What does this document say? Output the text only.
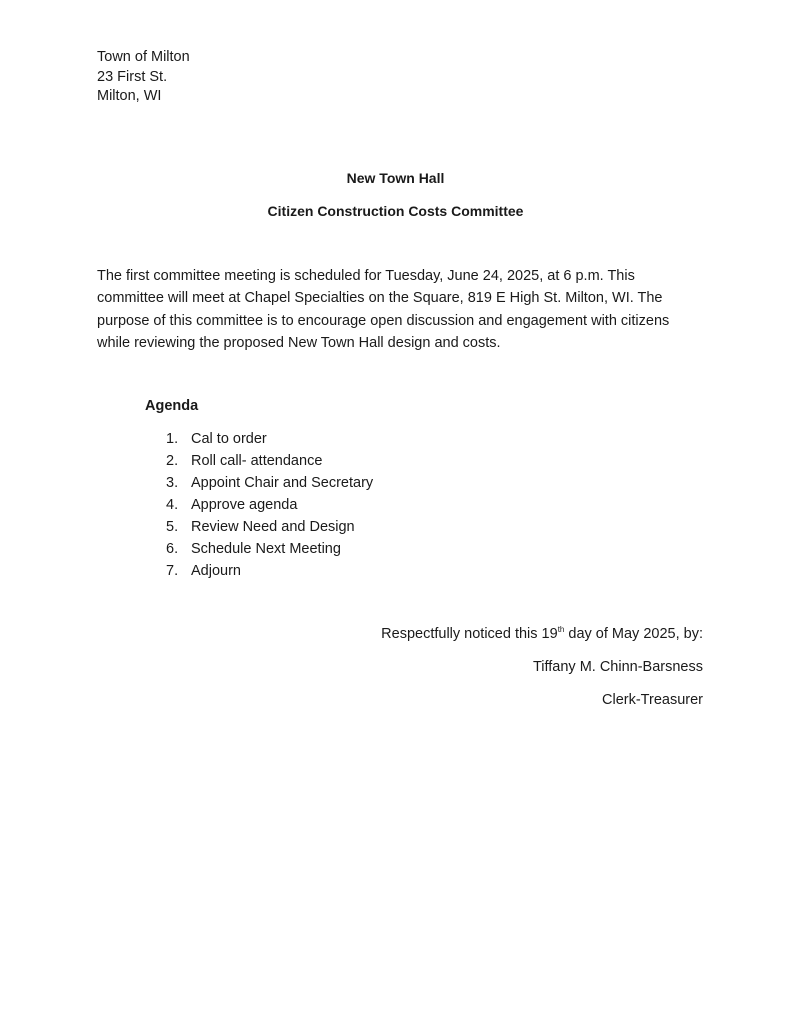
Town of Milton
23 First St.
Milton, WI
New Town Hall
Citizen Construction Costs Committee

The first committee meeting is scheduled for Tuesday, June 24, 2025, at 6 p.m. This
committee will meet at Chapel Specialties on the Square, 819 E High St. Milton, WI. The
purpose of this committee is to encourage open discussion and engagement with citizens
while reviewing the proposed New Town Hall design and costs.

Agenda
1. Cal to order
2. Roll call- attendance
3. Appoint Chair and Secretary
4. Approve agenda
5. Review Need and Design
6. Schedule Next Meeting
7. Adjourn
Respectfully noticed this 19th day of May 2025, by:
Tiffany M. Chinn-Barsness
Clerk-Treasurer
